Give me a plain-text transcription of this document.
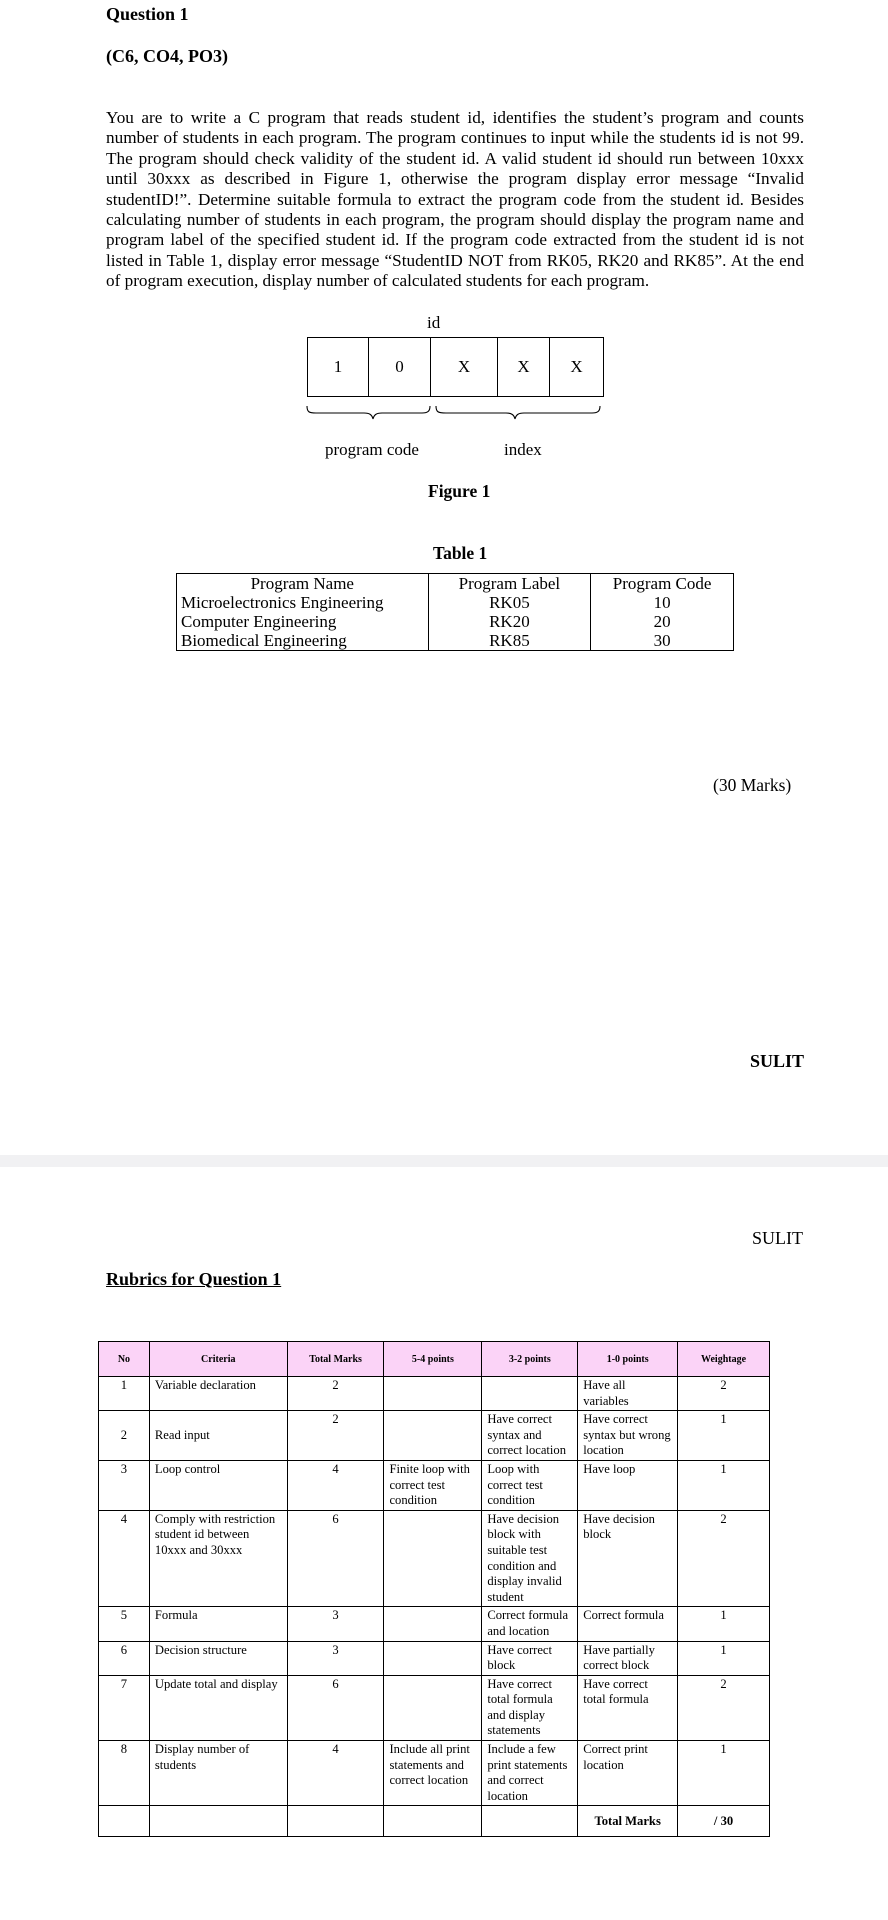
Question 1
(C6, CO4, PO3)
You are to write a C program that reads student id, identifies the student’s program and counts number of students in each program. The program continues to input while the students id is not 99. The program should check validity of the student id. A valid student id should run between 10xxx until 30xxx as described in Figure 1, otherwise the program display error message “Invalid studentID!”. Determine suitable formula to extract the program code from the student id. Besides calculating number of students in each program, the program should display the program name and program label of the specified student id. If the program code extracted from the student id is not listed in Table 1, display error message “StudentID NOT from RK05, RK20 and RK85”. At the end of program execution, display number of calculated students for each program.
id
1	0	X	X	X
program code	index
Figure 1
Table 1
Program Name	Program Label	Program Code
Microelectronics Engineering	RK05	10
Computer Engineering	RK20	20
Biomedical Engineering	RK85	30
(30 Marks)
SULIT
SULIT
Rubrics for Question 1
No	Criteria	Total Marks	5-4 points	3-2 points	1-0 points	Weightage
1	Variable declaration	2			Have all variables	2
2	Read input	2		Have correct syntax and correct location	Have correct syntax but wrong location	1
3	Loop control	4	Finite loop with correct test condition	Loop with correct test condition	Have loop	1
4	Comply with restriction student id between 10xxx and 30xxx	6		Have decision block with suitable test condition and display invalid student	Have decision block	2
5	Formula	3		Correct formula and location	Correct formula	1
6	Decision structure	3		Have correct block	Have partially correct block	1
7	Update total and display	6		Have correct total formula and display statements	Have correct total formula	2
8	Display number of students	4	Include all print statements and correct location	Include a few print statements and correct location	Correct print location	1
					Total Marks	/ 30
